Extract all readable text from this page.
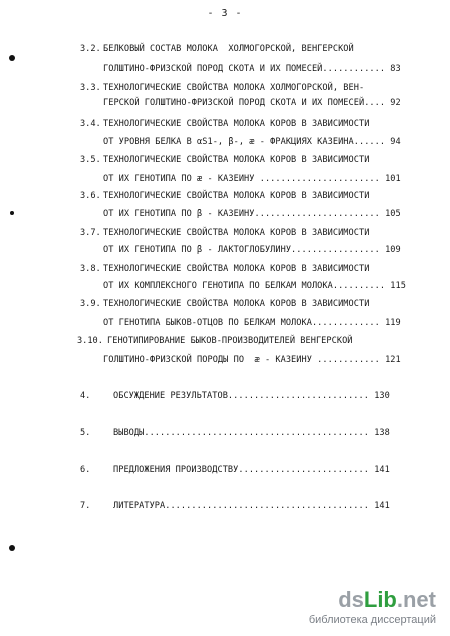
- 3 -
3.2. БЕЛКОВЫЙ СОСТАВ МОЛОКА  ХОЛМОГОРСКОЙ, ВЕНГЕРСКОЙ
ГОЛШТИНО-ФРИЗСКОЙ ПОРОД СКОТА И ИХ ПОМЕСЕЙ............ 83
3.3. ТЕХНОЛОГИЧЕСКИЕ СВОЙСТВА МОЛОКА ХОЛМОГОРСКОЙ, ВЕН-
ГЕРСКОЙ ГОЛШТИНО-ФРИЗСКОЙ ПОРОД СКОТА И ИХ ПОМЕСЕЙ.... 92
3.4. ТЕХНОЛОГИЧЕСКИЕ СВОЙСТВА МОЛОКА КОРОВ В ЗАВИСИМОСТИ
ОТ УРОВНЯ БЕЛКА В αS1-, β-, æ - ФРАКЦИЯХ КАЗЕИНА...... 94
3.5. ТЕХНОЛОГИЧЕСКИЕ СВОЙСТВА МОЛОКА КОРОВ В ЗАВИСИМОСТИ
ОТ ИХ ГЕНОТИПА ПО æ - КАЗЕИНУ ....................... 101
3.6. ТЕХНОЛОГИЧЕСКИЕ СВОЙСТВА МОЛОКА КОРОВ В ЗАВИСИМОСТИ
ОТ ИХ ГЕНОТИПА ПО β - КАЗЕИНУ........................ 105
3.7. ТЕХНОЛОГИЧЕСКИЕ СВОЙСТВА МОЛОКА КОРОВ В ЗАВИСИМОСТИ
ОТ ИХ ГЕНОТИПА ПО β - ЛАКТОГЛОБУЛИНУ................. 109
3.8. ТЕХНОЛОГИЧЕСКИЕ СВОЙСТВА МОЛОКА КОРОВ В ЗАВИСИМОСТИ
ОТ ИХ КОМПЛЕКСНОГО ГЕНОТИПА ПО БЕЛКАМ МОЛОКА.......... 115
3.9. ТЕХНОЛОГИЧЕСКИЕ СВОЙСТВА МОЛОКА КОРОВ В ЗАВИСИМОСТИ
ОТ ГЕНОТИПА БЫКОВ-ОТЦОВ ПО БЕЛКАМ МОЛОКА............. 119
3.10. ГЕНОТИПИРОВАНИЕ БЫКОВ-ПРОИЗВОДИТЕЛЕЙ ВЕНГЕРСКОЙ
ГОЛШТИНО-ФРИЗСКОЙ ПОРОДЫ ПО  æ - КАЗЕИНУ ............ 121
4.	ОБСУЖДЕНИЕ РЕЗУЛЬТАТОВ........................... 130
5.	ВЫВОДЫ........................................... 138
6.	ПРЕДЛОЖЕНИЯ ПРОИЗВОДСТВУ......................... 141
7.	ЛИТЕРАТУРА....................................... 141
dsLib.net
библиотека диссертаций
